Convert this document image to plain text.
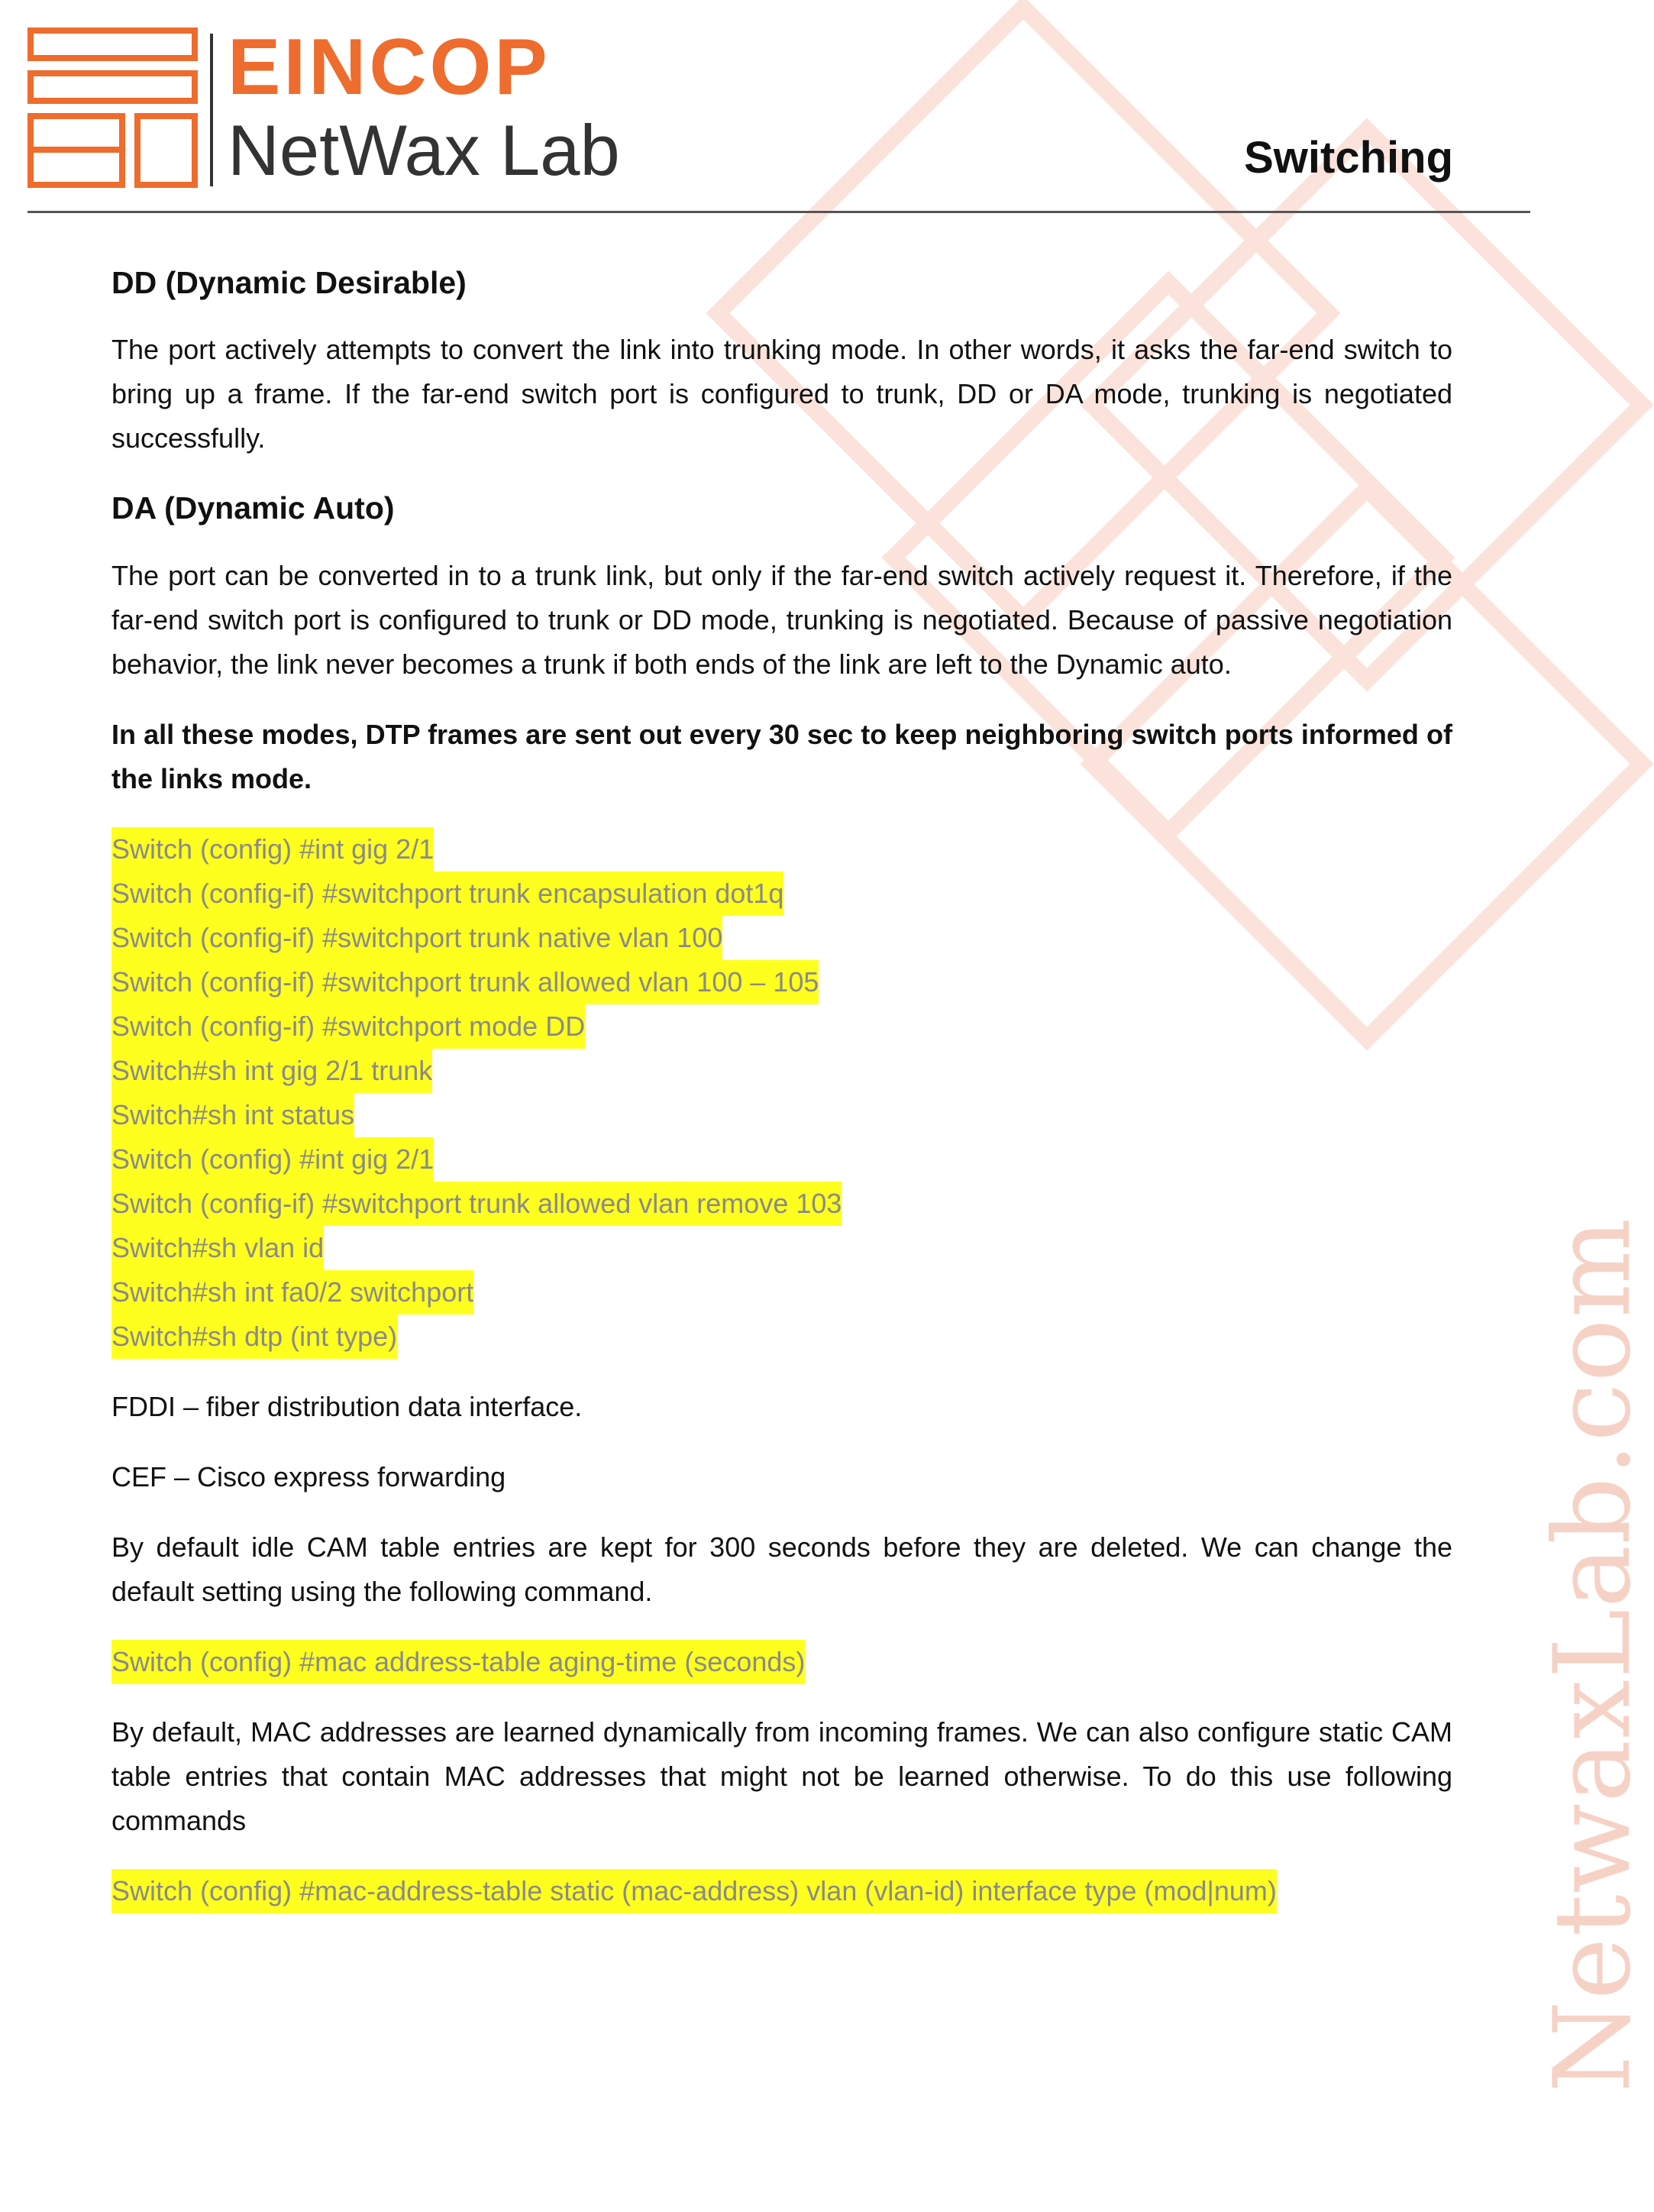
NetwaxLab.com
EINCOP
NetWax Lab	Switching
DD (Dynamic Desirable)

The port actively attempts to convert the link into trunking mode. In other words, it asks the far-end switch to bring up a frame. If the far-end switch port is configured to trunk, DD or DA mode, trunking is negotiated successfully.

DA (Dynamic Auto)

The port can be converted in to a trunk link, but only if the far-end switch actively request it. Therefore, if the far-end switch port is configured to trunk or DD mode, trunking is negotiated. Because of passive negotiation behavior, the link never becomes a trunk if both ends of the link are left to the Dynamic auto.

In all these modes, DTP frames are sent out every 30 sec to keep neighboring switch ports informed of the links mode.

Switch (config) #int gig 2/1
Switch (config-if) #switchport trunk encapsulation dot1q
Switch (config-if) #switchport trunk native vlan 100
Switch (config-if) #switchport trunk allowed vlan 100 – 105
Switch (config-if) #switchport mode DD
Switch#sh int gig 2/1 trunk
Switch#sh int status
Switch (config) #int gig 2/1
Switch (config-if) #switchport trunk allowed vlan remove 103
Switch#sh vlan id
Switch#sh int fa0/2 switchport
Switch#sh dtp (int type)

FDDI – fiber distribution data interface.

CEF – Cisco express forwarding

By default idle CAM table entries are kept for 300 seconds before they are deleted. We can change the default setting using the following command.

Switch (config) #mac address-table aging-time (seconds)

By default, MAC addresses are learned dynamically from incoming frames. We can also configure static CAM table entries that contain MAC addresses that might not be learned otherwise. To do this use following commands

Switch (config) #mac-address-table static (mac-address) vlan (vlan-id) interface type (mod|num)
